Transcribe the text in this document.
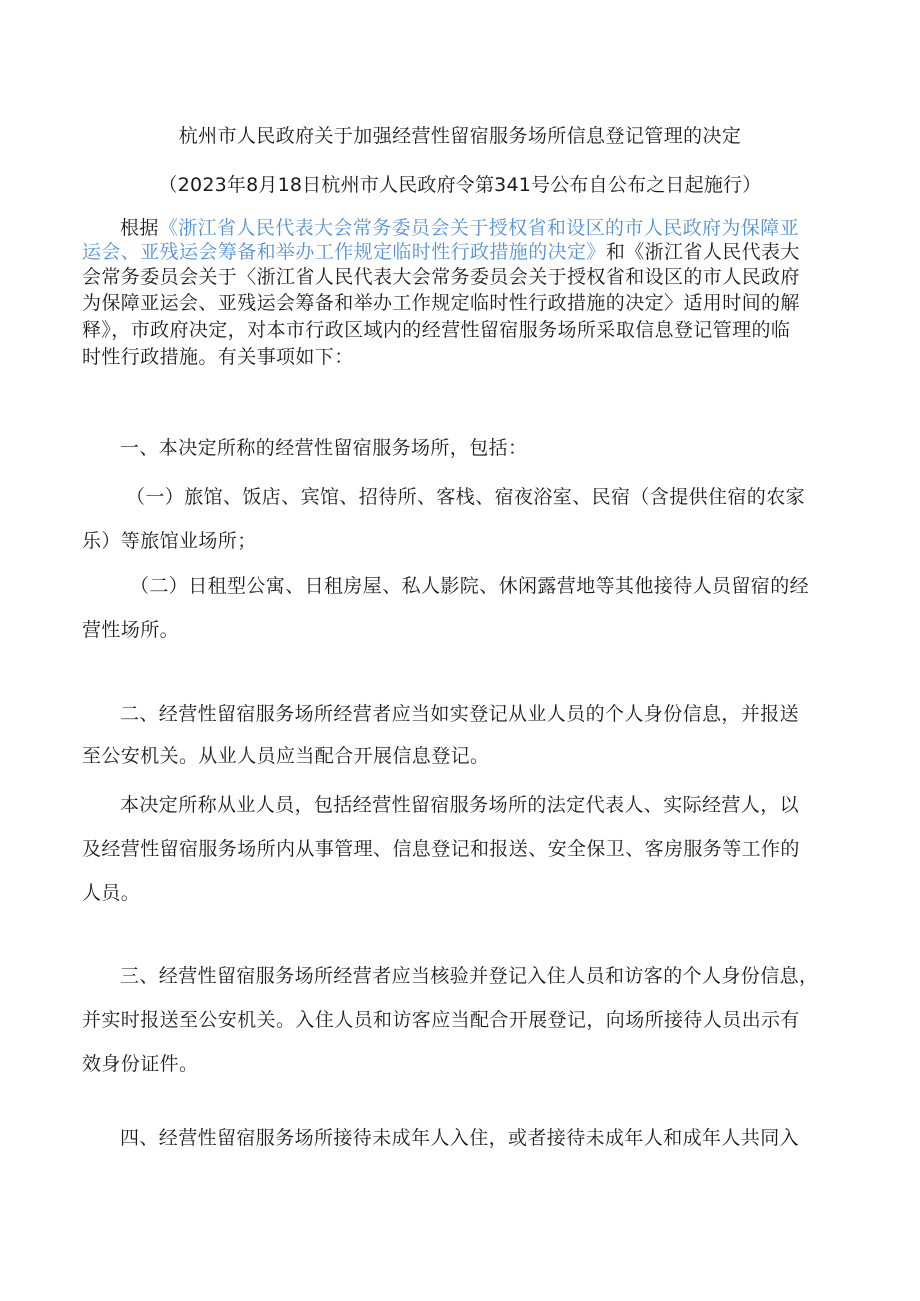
杭州市人民政府关于加强经营性留宿服务场所信息登记管理的决定
（2023年8月18日杭州市人民政府令第341号公布自公布之日起施行）
根据《浙江省人民代表大会常务委员会关于授权省和设区的市人民政府为保障亚
运会、亚残运会筹备和举办工作规定临时性行政措施的决定》和《浙江省人民代表大
会常务委员会关于〈浙江省人民代表大会常务委员会关于授权省和设区的市人民政府
为保障亚运会、亚残运会筹备和举办工作规定临时性行政措施的决定〉适用时间的解
释》，市政府决定，对本市行政区域内的经营性留宿服务场所采取信息登记管理的临
时性行政措施。有关事项如下：
一、本决定所称的经营性留宿服务场所，包括：
（一）旅馆、饭店、宾馆、招待所、客栈、宿夜浴室、民宿（含提供住宿的农家
乐）等旅馆业场所；
（二）日租型公寓、日租房屋、私人影院、休闲露营地等其他接待人员留宿的经
营性场所。
二、经营性留宿服务场所经营者应当如实登记从业人员的个人身份信息，并报送
至公安机关。从业人员应当配合开展信息登记。
本决定所称从业人员，包括经营性留宿服务场所的法定代表人、实际经营人，以
及经营性留宿服务场所内从事管理、信息登记和报送、安全保卫、客房服务等工作的
人员。
三、经营性留宿服务场所经营者应当核验并登记入住人员和访客的个人身份信息，
并实时报送至公安机关。入住人员和访客应当配合开展登记，向场所接待人员出示有
效身份证件。
四、经营性留宿服务场所接待未成年人入住，或者接待未成年人和成年人共同入
